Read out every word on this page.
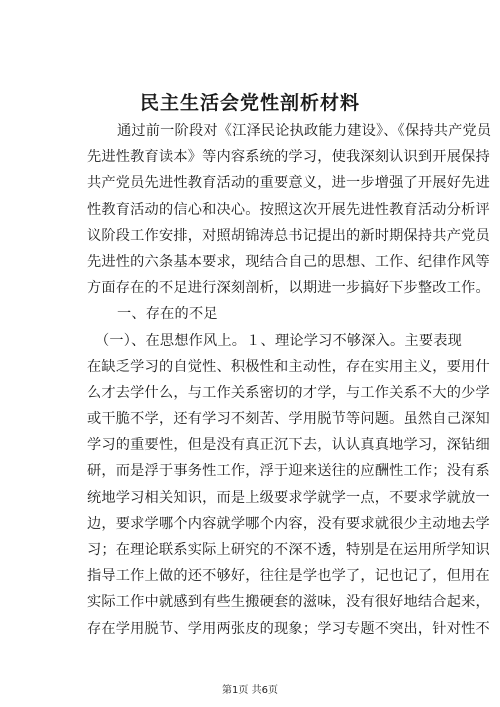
民主生活会党性剖析材料
通过前一阶段对《江泽民论执政能力建设》、《保持共产党员
先进性教育读本》等内容系统的学习，使我深刻认识到开展保持
共产党员先进性教育活动的重要意义，进一步增强了开展好先进
性教育活动的信心和决心。按照这次开展先进性教育活动分析评
议阶段工作安排，对照胡锦涛总书记提出的新时期保持共产党员
先进性的六条基本要求，现结合自己的思想、工作、纪律作风等
方面存在的不足进行深刻剖析，以期进一步搞好下步整改工作。
一、存在的不足
（一）、在思想作风上。１、理论学习不够深入。主要表现
在缺乏学习的自觉性、积极性和主动性，存在实用主义，要用什
么才去学什么，与工作关系密切的才学，与工作关系不大的少学
或干脆不学，还有学习不刻苦、学用脱节等问题。虽然自己深知
学习的重要性，但是没有真正沉下去，认认真真地学习，深钻细
研，而是浮于事务性工作，浮于迎来送往的应酬性工作；没有系
统地学习相关知识，而是上级要求学就学一点，不要求学就放一
边，要求学哪个内容就学哪个内容，没有要求就很少主动地去学
习；在理论联系实际上研究的不深不透，特别是在运用所学知识
指导工作上做的还不够好，往往是学也学了，记也记了，但用在
实际工作中就感到有些生搬硬套的滋味，没有很好地结合起来，
存在学用脱节、学用两张皮的现象；学习专题不突出，针对性不
第1页 共6页
